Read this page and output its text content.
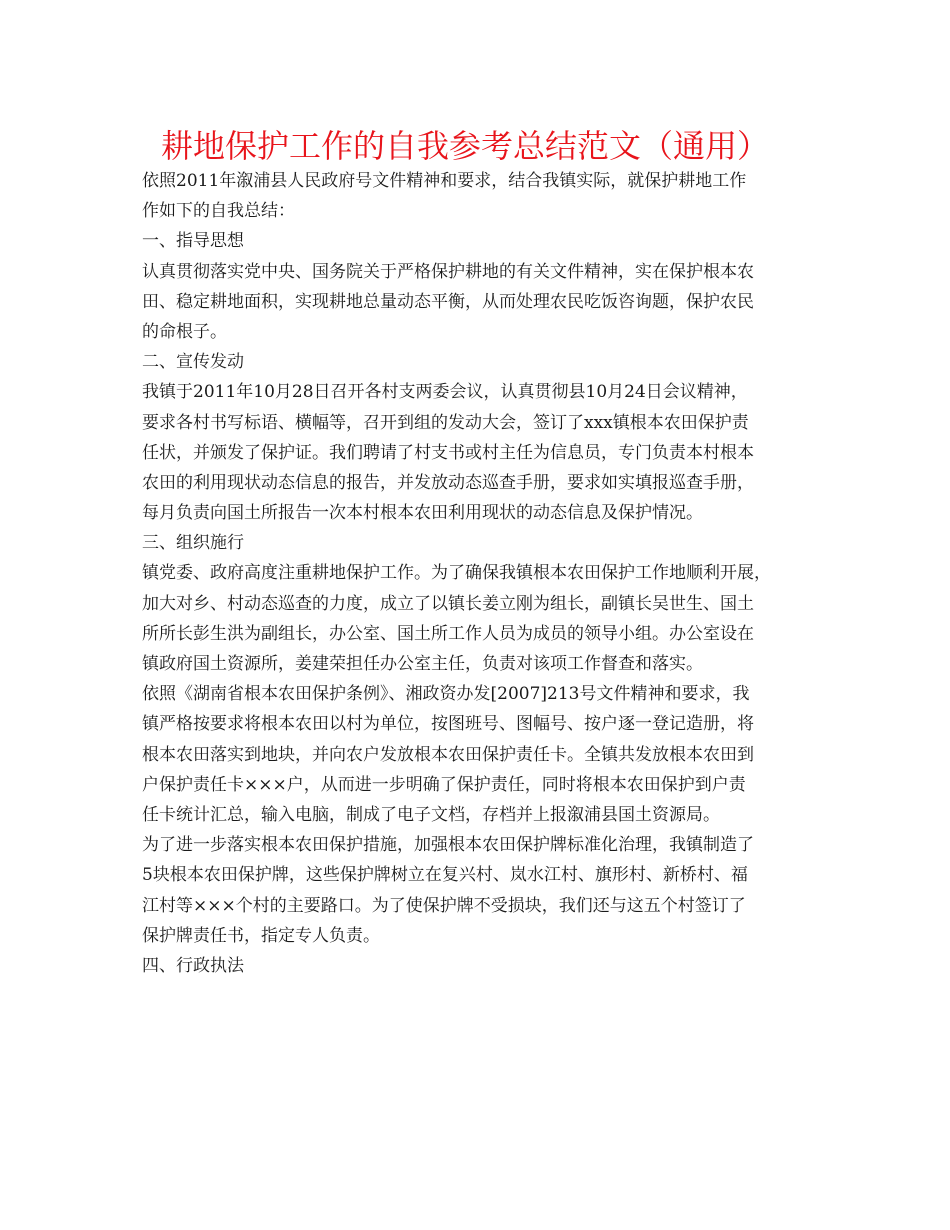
耕地保护工作的自我参考总结范文（通用）
依照2011年溆浦县人民政府号文件精神和要求，结合我镇实际，就保护耕地工作
作如下的自我总结：
一、指导思想
认真贯彻落实党中央、国务院关于严格保护耕地的有关文件精神，实在保护根本农
田、稳定耕地面积，实现耕地总量动态平衡，从而处理农民吃饭咨询题，保护农民
的命根子。
二、宣传发动
我镇于2011年10月28日召开各村支两委会议，认真贯彻县10月24日会议精神，
要求各村书写标语、横幅等，召开到组的发动大会，签订了xxx镇根本农田保护责
任状，并颁发了保护证。我们聘请了村支书或村主任为信息员，专门负责本村根本
农田的利用现状动态信息的报告，并发放动态巡查手册，要求如实填报巡查手册，
每月负责向国土所报告一次本村根本农田利用现状的动态信息及保护情况。
三、组织施行
镇党委、政府高度注重耕地保护工作。为了确保我镇根本农田保护工作地顺利开展，
加大对乡、村动态巡查的力度，成立了以镇长姜立刚为组长，副镇长吴世生、国土
所所长彭生洪为副组长，办公室、国土所工作人员为成员的领导小组。办公室设在
镇政府国土资源所，姜建荣担任办公室主任，负责对该项工作督查和落实。
依照《湖南省根本农田保护条例》、湘政资办发[2007]213号文件精神和要求，我
镇严格按要求将根本农田以村为单位，按图班号、图幅号、按户逐一登记造册，将
根本农田落实到地块，并向农户发放根本农田保护责任卡。全镇共发放根本农田到
户保护责任卡×××户，从而进一步明确了保护责任，同时将根本农田保护到户责
任卡统计汇总，输入电脑，制成了电子文档，存档并上报溆浦县国土资源局。
为了进一步落实根本农田保护措施，加强根本农田保护牌标准化治理，我镇制造了
5块根本农田保护牌，这些保护牌树立在复兴村、岚水江村、旗形村、新桥村、福
江村等×××个村的主要路口。为了使保护牌不受损块，我们还与这五个村签订了
保护牌责任书，指定专人负责。
四、行政执法
